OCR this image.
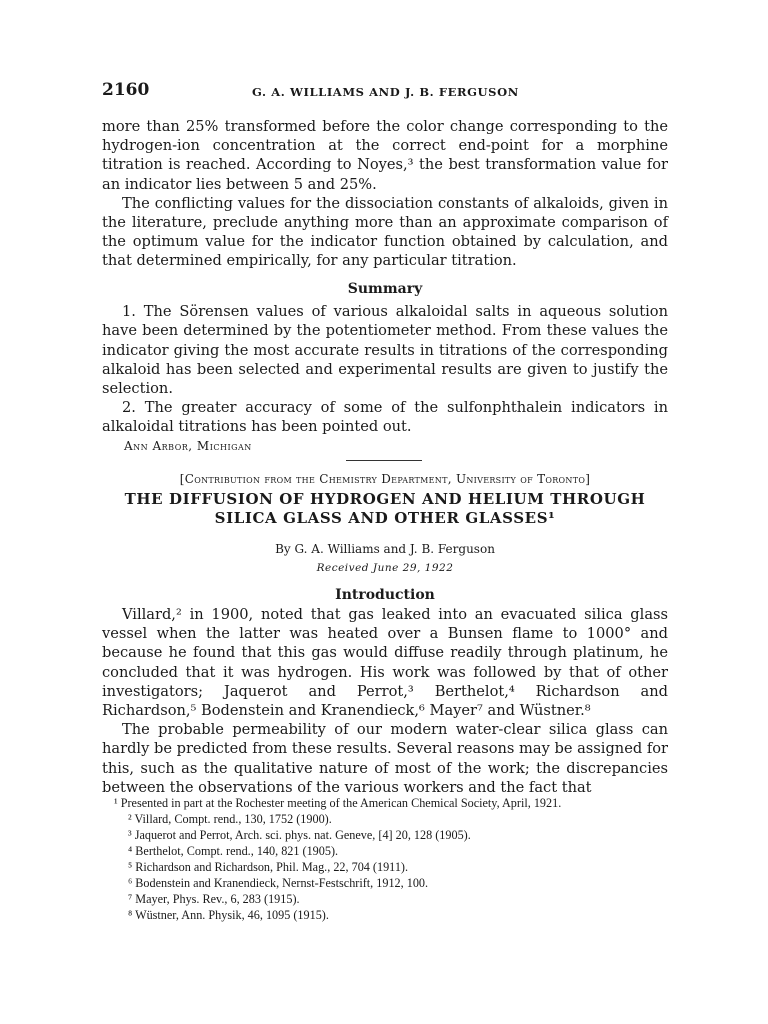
2160	G. A. WILLIAMS AND J. B. FERGUSON

more than 25% transformed before the color change corresponding to the hydrogen-ion concentration at the correct end-point for a morphine titration is reached. According to Noyes,³ the best transformation value for an indicator lies between 5 and 25%.

The conflicting values for the dissociation constants of alkaloids, given in the literature, preclude anything more than an approximate comparison of the optimum value for the indicator function obtained by calculation, and that determined empirically, for any particular titration.

Summary

1. The Sörensen values of various alkaloidal salts in aqueous solution have been determined by the potentiometer method. From these values the indicator giving the most accurate results in titrations of the corresponding alkaloid has been selected and experimental results are given to justify the selection.

2. The greater accuracy of some of the sulfonphthalein indicators in alkaloidal titrations has been pointed out.

Ann Arbor, Michigan

[Contribution from the Chemistry Department, University of Toronto]

THE DIFFUSION OF HYDROGEN AND HELIUM THROUGH

SILICA GLASS AND OTHER GLASSES¹

By G. A. Williams and J. B. Ferguson

Received June 29, 1922

Introduction

Villard,² in 1900, noted that gas leaked into an evacuated silica glass vessel when the latter was heated over a Bunsen flame to 1000° and because he found that this gas would diffuse readily through platinum, he concluded that it was hydrogen. His work was followed by that of other investigators; Jaquerot and Perrot,³ Berthelot,⁴ Richardson and Richardson,⁵ Bodenstein and Kranendieck,⁶ Mayer⁷ and Wüstner.⁸

The probable permeability of our modern water-clear silica glass can hardly be predicted from these results. Several reasons may be assigned for this, such as the qualitative nature of most of the work; the discrepancies between the observations of the various workers and the fact that

¹ Presented in part at the Rochester meeting of the American Chemical Society, April, 1921.

² Villard, Compt. rend., 130, 1752 (1900).

³ Jaquerot and Perrot, Arch. sci. phys. nat. Geneve, [4] 20, 128 (1905).

⁴ Berthelot, Compt. rend., 140, 821 (1905).

⁵ Richardson and Richardson, Phil. Mag., 22, 704 (1911).

⁶ Bodenstein and Kranendieck, Nernst-Festschrift, 1912, 100.

⁷ Mayer, Phys. Rev., 6, 283 (1915).

⁸ Wüstner, Ann. Physik, 46, 1095 (1915).
